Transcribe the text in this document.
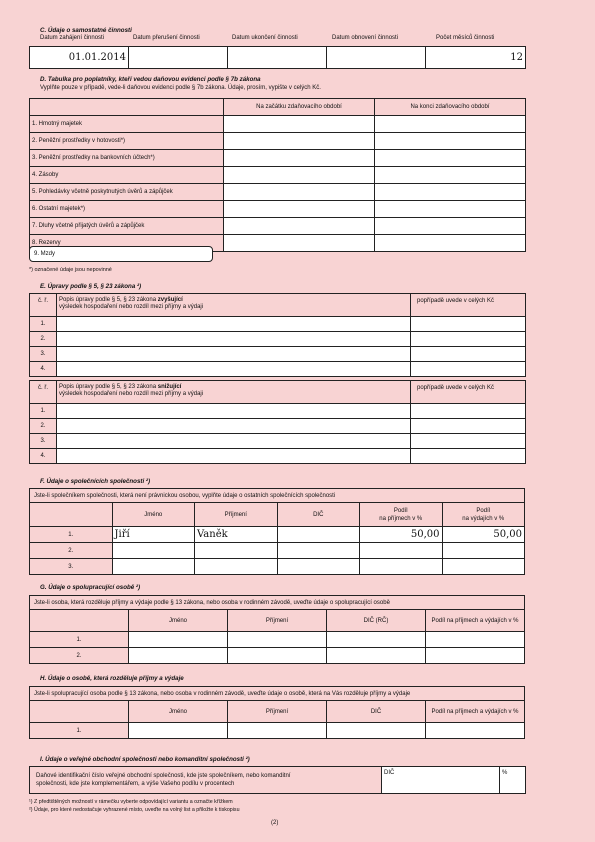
C. Údaje o samostatné činnosti
Datum zahájení činnosti	Datum přerušení činnosti	Datum ukončení činnosti	Datum obnovení činnosti	Počet měsíců činnosti
01.01.2014				12
D. Tabulka pro poplatníky, kteří vedou daňovou evidenci podle § 7b zákona
Vyplňte pouze v případě, vede-li daňovou evidenci podle § 7b zákona. Údaje, prosím, vypište v celých Kč.
	Na začátku zdaňovacího období	Na konci zdaňovacího období
1. Hmotný majetek		
2. Peněžní prostředky v hotovosti*)		
3. Peněžní prostředky na bankovních účtech*)		
4. Zásoby		
5. Pohledávky včetně poskytnutých úvěrů a zápůjček		
6. Ostatní majetek*)		
7. Dluhy včetně přijatých úvěrů a zápůjček		
8. Rezervy		
9. Mzdy
*) označené údaje jsou nepovinné
E. Úpravy podle § 5, § 23 zákona ²)
č. ř.	Popis úpravy podle § 5, § 23 zákona zvyšující
výsledek hospodaření nebo rozdíl mezi příjmy a výdaji	popřípadě uvede v celých Kč
1.		
2.		
3.		
4.		
č. ř.	Popis úpravy podle § 5, § 23 zákona snižující
výsledek hospodaření nebo rozdíl mezi příjmy a výdaji	popřípadě uvede v celých Kč
1.		
2.		
3.		
4.		
F. Údaje o společnících společnosti ²)
Jste-li společníkem společnosti, která není právnickou osobou, vyplňte údaje o ostatních společnících společnosti					
	Jméno	Příjmení	DIČ	Podíl
na příjmech v %	Podíl
na výdajích v %
1.	Jiří	Vaněk		50,00	50,00
2.					
3.					
G. Údaje o spolupracující osobě ²)
Jste-li osoba, která rozděluje příjmy a výdaje podle § 13 zákona, nebo osoba v rodinném závodě, uveďte údaje o spolupracující osobě				
	Jméno	Příjmení	DIČ (RČ)	Podíl na příjmech a výdajích v %
1.				
2.				
H. Údaje o osobě, která rozděluje příjmy a výdaje
Jste-li spolupracující osoba podle § 13 zákona, nebo osoba v rodinném závodě, uveďte údaje o osobě, která na Vás rozděluje příjmy a výdaje				
	Jméno	Příjmení	DIČ	Podíl na příjmech a výdajích v %
1.				
I. Údaje o veřejné obchodní společnosti nebo komanditní společnosti ²)
Daňové identifikační číslo veřejné obchodní společnosti, kde jste společníkem, nebo komanditní
společnosti, kde jste komplementářem, a výše Vašeho podílu v procentech	DIČ	%
¹) Z předtištěných možností v rámečku vyberte odpovídající variantu a označte křížkem
²) Údaje, pro které nedostačuje vyhrazené místo, uveďte na volný list a přiložte k tiskopisu
(2)
